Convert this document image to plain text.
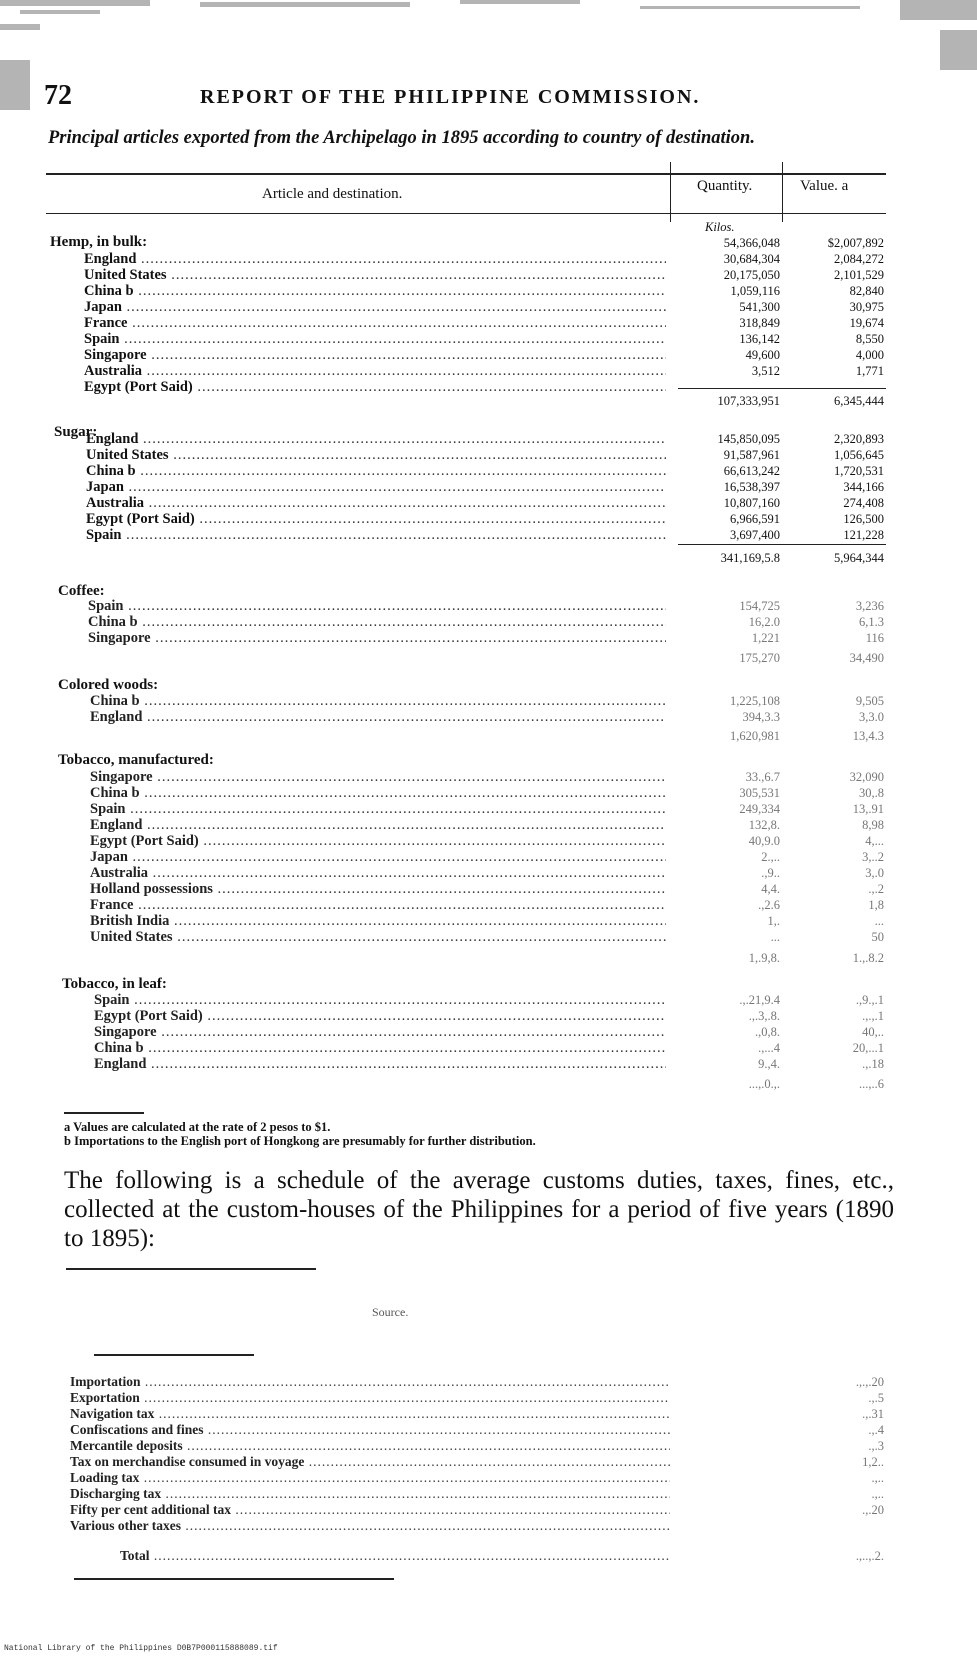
72	REPORT OF THE PHILIPPINE COMMISSION.
Principal articles exported from the Archipelago in 1895 according to country of destination.
Article and destination.	Quantity.	Value. a
Kilos.
Hemp, in bulk:	54,366,048	$2,007,892
England .....	30,684,304	2,084,272
United States .....	20,175,050	2,101,529
China b .....	1,059,116	82,840
Japan .....	541,300	30,975
France .....	318,849	19,674
Spain .....	136,142	8,550
Singapore .....	49,600	4,000
Australia .....	3,512	1,771
Egypt (Port Said) .....
107,333,951	6,345,444
Sugar:
England .....	145,850,095	2,320,893
United States .....	91,587,961	1,056,645
China b .....	66,613,242	1,720,531
Japan .....	16,538,397	344,166
Australia .....	10,807,160	274,408
Egypt (Port Said) .....	6,966,591	126,500
Spain .....	3,697,400	121,228
341,169,5.8	5,964,344
Coffee:
Spain .....	154,725	3,236
China b .....	16,2.0	6,1.3
Singapore .....	1,221	116
175,270	34,490
Colored woods:
China b .....	1,225,108	9,505
England .....	394,3.3	3,3.0
1,620,981	13,4.3
Tobacco, manufactured:
Singapore .....	33.,6.7	32,090
China b .....	305,531	30,.8
Spain .....	249,334	13,.91
England .....	132,8.	8,98
Egypt (Port Said) .....	40,9.0	4,...
Japan .....	2.,..	3,..2
Australia .....	.,9..	3,.0
Holland possessions .....	4,4.	.,.2
France .....	.,2.6	1,8
British India .....	1,.	...
United States .....	...	50
1,.9,8.	1.,.8.2
Tobacco, in leaf:
Spain .....	.,.21,9.4	.,9.,.1
Egypt (Port Said) .....	.,.3,.8.	.,.,.1
Singapore .....	.,0,8.	40,..
China b .....	.,...4	20,...1
England .....	9.,4.	.,.18
...,.0.,.	...,..6
a Values are calculated at the rate of 2 pesos to $1.
b Importations to the English port of Hongkong are presumably for further distribution.
The following is a schedule of the average customs duties, taxes, fines, etc., collected at the custom-houses of the Philippines for a period of five years (1890 to 1895):
Source.
Importation .....	.,.,.20
Exportation .....	.,.5
Navigation tax .....	.,.31
Confiscations and fines .....	.,.4
Mercantile deposits .....	.,.3
Tax on merchandise consumed in voyage .....	1,2..
Loading tax .....	.,..
Discharging tax .....	.,..
Fifty per cent additional tax .....	.,.20
Various other taxes .....
Total .....	.,..,.2.
National Library of the Philippines D0B7P000115888089.tif
